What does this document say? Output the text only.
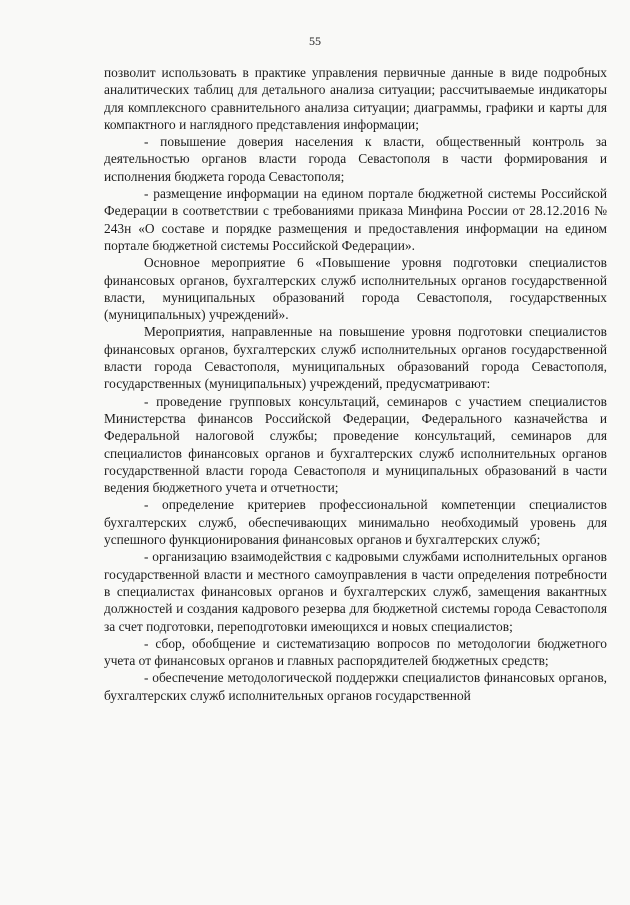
55

позволит использовать в практике управления первичные данные в виде подробных аналитических таблиц для детального анализа ситуации; рассчитываемые индикаторы для комплексного сравнительного анализа ситуации; диаграммы, графики и карты для компактного и наглядного представления информации;

- повышение доверия населения к власти, общественный контроль за деятельностью органов власти города Севастополя в части формирования и исполнения бюджета города Севастополя;

- размещение информации на едином портале бюджетной системы Российской Федерации в соответствии с требованиями приказа Минфина России от 28.12.2016 № 243н «О составе и порядке размещения и предоставления информации на едином портале бюджетной системы Российской Федерации».

Основное мероприятие 6 «Повышение уровня подготовки специалистов финансовых органов, бухгалтерских служб исполнительных органов государственной власти, муниципальных образований города Севастополя, государственных (муниципальных) учреждений».

Мероприятия, направленные на повышение уровня подготовки специалистов финансовых органов, бухгалтерских служб исполнительных органов государственной власти города Севастополя, муниципальных образований города Севастополя, государственных (муниципальных) учреждений, предусматривают:

- проведение групповых консультаций, семинаров с участием специалистов Министерства финансов Российской Федерации, Федерального казначейства и Федеральной налоговой службы; проведение консультаций, семинаров для специалистов финансовых органов и бухгалтерских служб исполнительных органов государственной власти города Севастополя и муниципальных образований в части ведения бюджетного учета и отчетности;

- определение критериев профессиональной компетенции специалистов бухгалтерских служб, обеспечивающих минимально необходимый уровень для успешного функционирования финансовых органов и бухгалтерских служб;

- организацию взаимодействия с кадровыми службами исполнительных органов государственной власти и местного самоуправления в части определения потребности в специалистах финансовых органов и бухгалтерских служб, замещения вакантных должностей и создания кадрового резерва для бюджетной системы города Севастополя за счет подготовки, переподготовки имеющихся и новых специалистов;

- сбор, обобщение и систематизацию вопросов по методологии бюджетного учета от финансовых органов и главных распорядителей бюджетных средств;

- обеспечение методологической поддержки специалистов финансовых органов, бухгалтерских служб исполнительных органов государственной
